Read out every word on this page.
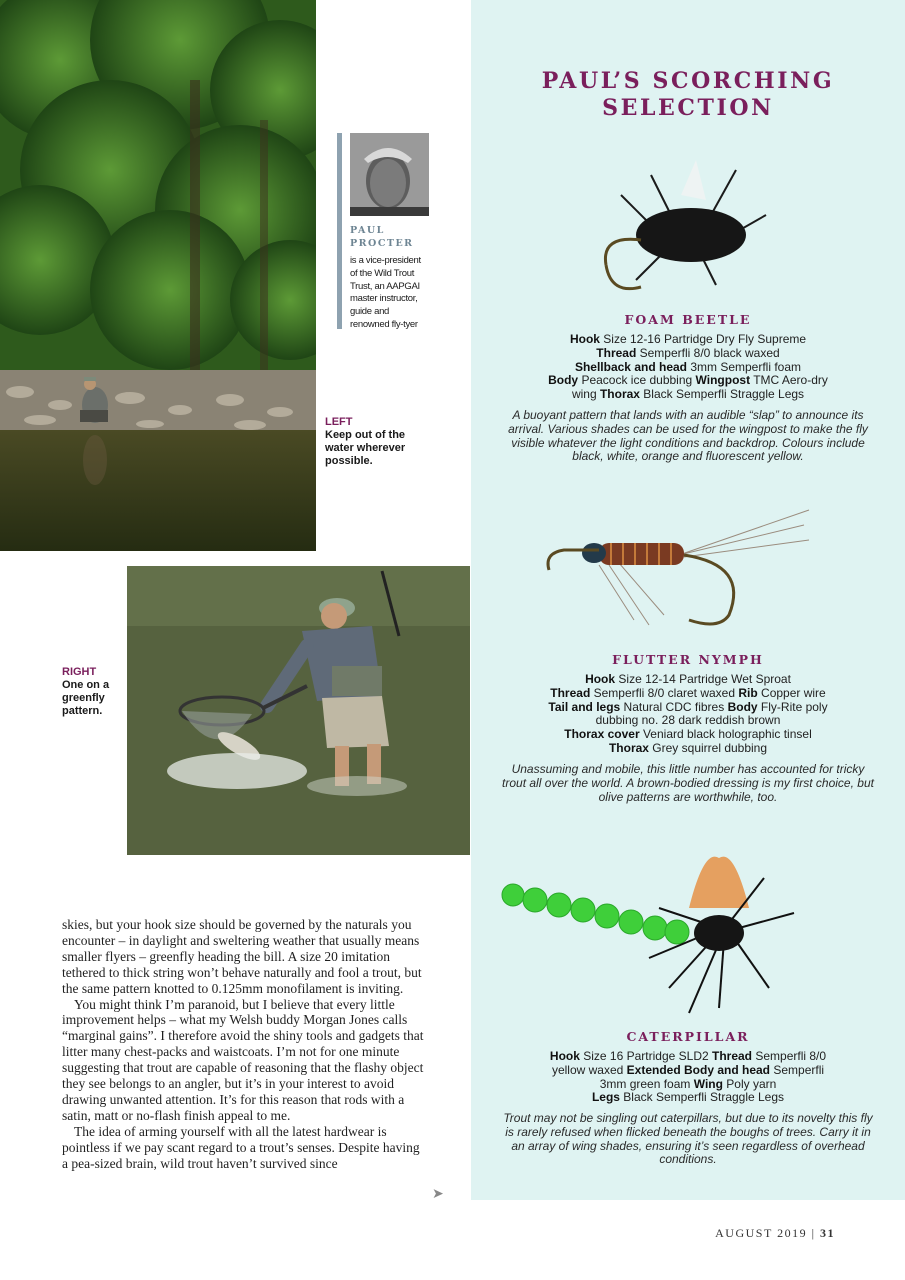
PAUL PROCTER
is a vice-president of the Wild Trout Trust, an AAPGAI master instructor, guide and renowned fly-tyer
LEFT
Keep out of the water wherever possible.
RIGHT
One on a greenfly pattern.

skies, but your hook size should be governed by the naturals you encounter – in daylight and sweltering weather that usually means smaller flyers – greenfly heading the bill. A size 20 imitation tethered to thick string won’t behave naturally and fool a trout, but the same pattern knotted to 0.125mm monofilament is inviting.

You might think I’m paranoid, but I believe that every little improvement helps – what my Welsh buddy Morgan Jones calls “marginal gains”. I therefore avoid the shiny tools and gadgets that litter many chest-packs and waistcoats. I’m not for one minute suggesting that trout are capable of reasoning that the flashy object they see belongs to an angler, but it’s in your interest to avoid drawing unwanted attention. It’s for this reason that rods with a satin, matt or no-flash finish appeal to me.

The idea of arming yourself with all the latest hardwear is pointless if we pay scant regard to a trout’s senses. Despite having a pea-sized brain, wild trout haven’t survived since

➤
PAUL’S SCORCHING
SELECTION
FOAM BEETLE
Hook Size 12-16 Partridge Dry Fly Supreme
Thread Semperfli 8/0 black waxed
Shellback and head 3mm Semperfli foam
Body Peacock ice dubbing Wingpost TMC Aero-dry
wing Thorax Black Semperfli Straggle Legs
A buoyant pattern that lands with an audible “slap” to announce its arrival. Various shades can be used for the wingpost to make the fly visible whatever the light conditions and backdrop. Colours include black, white, orange and fluorescent yellow.
FLUTTER NYMPH
Hook Size 12-14 Partridge Wet Sproat
Thread Semperfli 8/0 claret waxed Rib Copper wire
Tail and legs Natural CDC fibres Body Fly-Rite poly
dubbing no. 28 dark reddish brown
Thorax cover Veniard black holographic tinsel
Thorax Grey squirrel dubbing
Unassuming and mobile, this little number has accounted for tricky trout all over the world. A brown-bodied dressing is my first choice, but olive patterns are worthwhile, too.
CATERPILLAR
Hook Size 16 Partridge SLD2 Thread Semperfli 8/0
yellow waxed Extended Body and head Semperfli
3mm green foam Wing Poly yarn
Legs Black Semperfli Straggle Legs
Trout may not be singling out caterpillars, but due to its novelty this fly is rarely refused when flicked beneath the boughs of trees. Carry it in an array of wing shades, ensuring it’s seen regardless of overhead conditions.
AUGUST 2019 | 31
